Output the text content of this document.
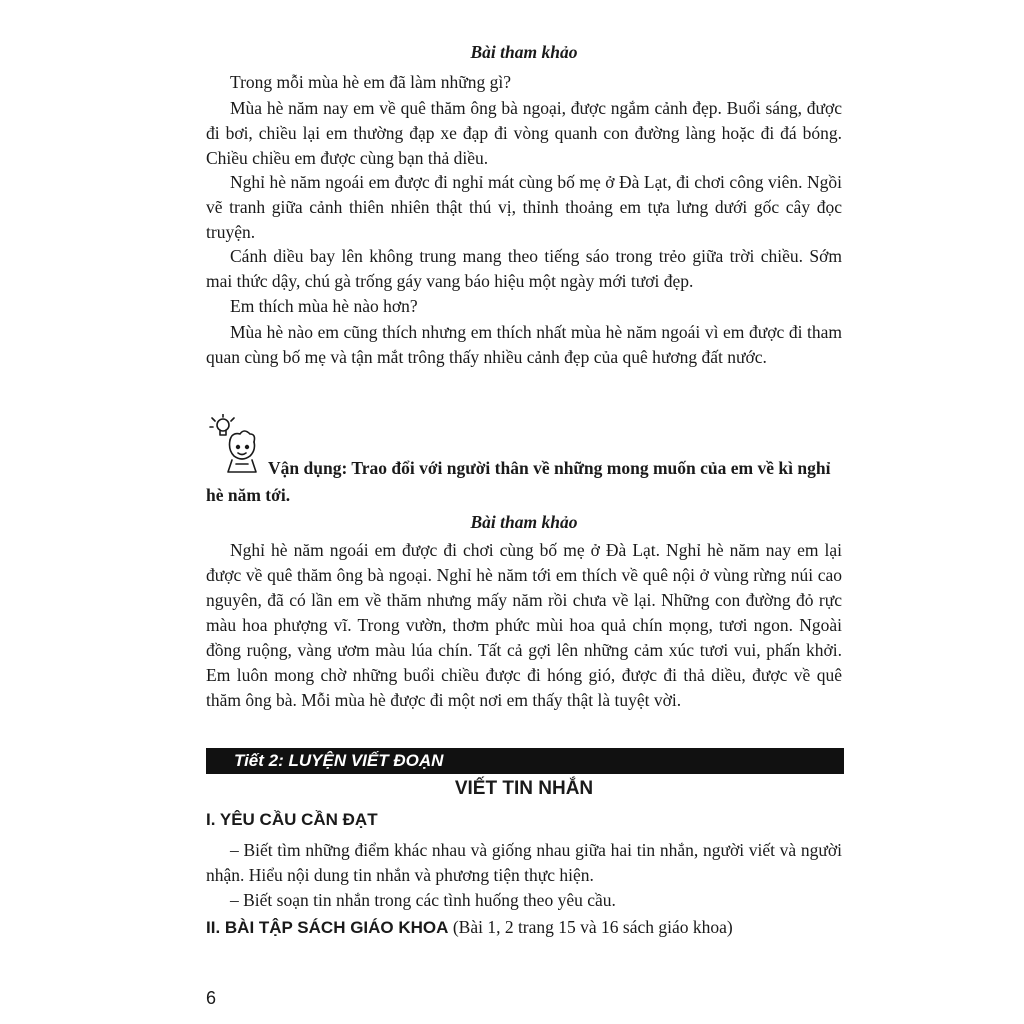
Bài tham khảo

Trong mỗi mùa hè em đã làm những gì?

Mùa hè năm nay em về quê thăm ông bà ngoại, được ngắm cảnh đẹp. Buổi sáng, được đi bơi, chiều lại em thường đạp xe đạp đi vòng quanh con đường làng hoặc đi đá bóng. Chiều chiều em được cùng bạn thả diều.

Nghỉ hè năm ngoái em được đi nghỉ mát cùng bố mẹ ở Đà Lạt, đi chơi công viên. Ngồi vẽ tranh giữa cảnh thiên nhiên thật thú vị, thỉnh thoảng em tựa lưng dưới gốc cây đọc truyện.

Cánh diều bay lên không trung mang theo tiếng sáo trong trẻo giữa trời chiều. Sớm mai thức dậy, chú gà trống gáy vang báo hiệu một ngày mới tươi đẹp.

Em thích mùa hè nào hơn?

Mùa hè nào em cũng thích nhưng em thích nhất mùa hè năm ngoái vì em được đi tham quan cùng bố mẹ và tận mắt trông thấy nhiều cảnh đẹp của quê hương đất nước.

Vận dụng: Trao đổi với người thân về những mong muốn của em về kì nghỉ hè năm tới.

Bài tham khảo

Nghỉ hè năm ngoái em được đi chơi cùng bố mẹ ở Đà Lạt. Nghỉ hè năm nay em lại được về quê thăm ông bà ngoại. Nghỉ hè năm tới em thích về quê nội ở vùng rừng núi cao nguyên, đã có lần em về thăm nhưng mấy năm rồi chưa về lại. Những con đường đỏ rực màu hoa phượng vĩ. Trong vườn, thơm phức mùi hoa quả chín mọng, tươi ngon. Ngoài đồng ruộng, vàng ươm màu lúa chín. Tất cả gợi lên những cảm xúc tươi vui, phấn khởi. Em luôn mong chờ những buổi chiều được đi hóng gió, được đi thả diều, được về quê thăm ông bà. Mỗi mùa hè được đi một nơi em thấy thật là tuyệt vời.

Tiết 2: LUYỆN VIẾT ĐOẠN

VIẾT TIN NHẮN

I. YÊU CẦU CẦN ĐẠT

– Biết tìm những điểm khác nhau và giống nhau giữa hai tin nhắn, người viết và người nhận. Hiểu nội dung tin nhắn và phương tiện thực hiện.

– Biết soạn tin nhắn trong các tình huống theo yêu cầu.

II. BÀI TẬP SÁCH GIÁO KHOA (Bài 1, 2 trang 15 và 16 sách giáo khoa)

6
